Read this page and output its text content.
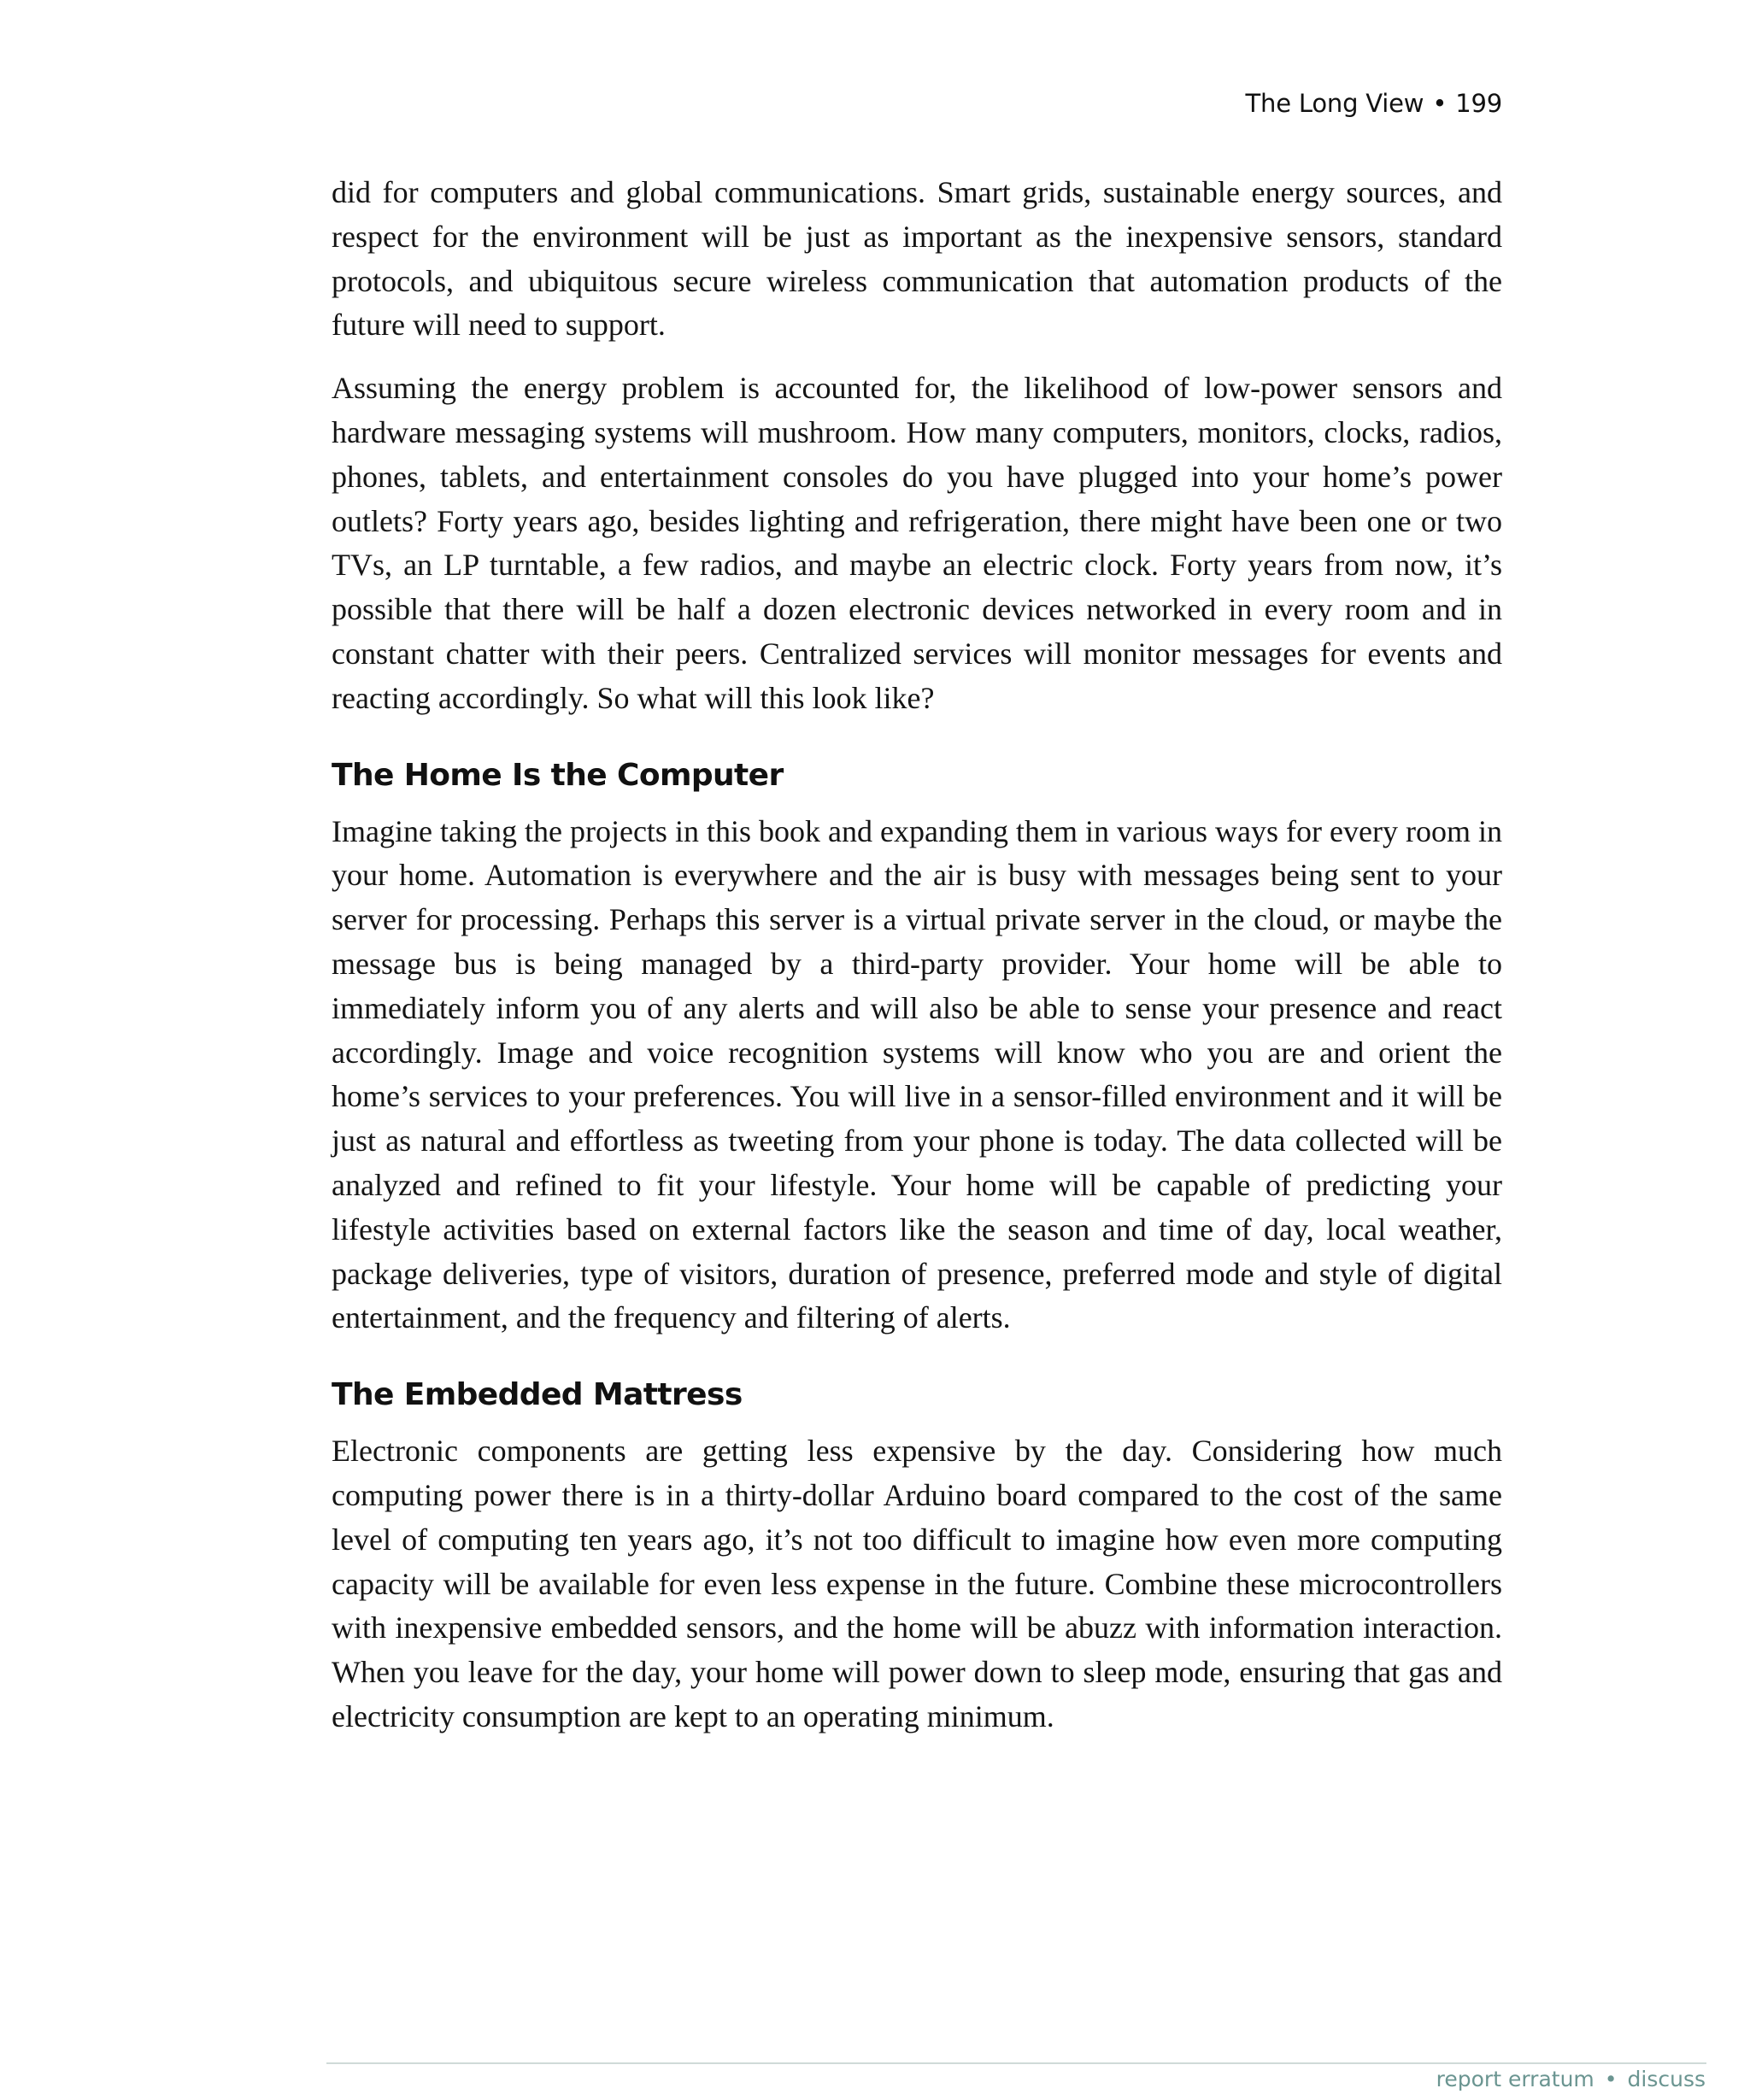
The Long View • 199

did for computers and global communications. Smart grids, sustainable energy sources, and respect for the environment will be just as important as the inexpensive sensors, standard protocols, and ubiquitous secure wireless communication that automation products of the future will need to support.

Assuming the energy problem is accounted for, the likelihood of low-power sensors and hardware messaging systems will mushroom. How many computers, monitors, clocks, radios, phones, tablets, and entertainment consoles do you have plugged into your home’s power outlets? Forty years ago, besides lighting and refrigeration, there might have been one or two TVs, an LP turntable, a few radios, and maybe an electric clock. Forty years from now, it’s possible that there will be half a dozen electronic devices networked in every room and in constant chatter with their peers. Centralized services will monitor messages for events and reacting accordingly. So what will this look like?

The Home Is the Computer

Imagine taking the projects in this book and expanding them in various ways for every room in your home. Automation is everywhere and the air is busy with messages being sent to your server for processing. Perhaps this server is a virtual private server in the cloud, or maybe the message bus is being managed by a third-party provider. Your home will be able to immediately inform you of any alerts and will also be able to sense your presence and react accordingly. Image and voice recognition systems will know who you are and orient the home’s services to your preferences. You will live in a sensor-filled environment and it will be just as natural and effortless as tweeting from your phone is today. The data collected will be analyzed and refined to fit your lifestyle. Your home will be capable of predicting your lifestyle activities based on external factors like the season and time of day, local weather, package deliveries, type of visitors, duration of presence, preferred mode and style of digital entertainment, and the frequency and filtering of alerts.

The Embedded Mattress

Electronic components are getting less expensive by the day. Considering how much computing power there is in a thirty-dollar Arduino board compared to the cost of the same level of computing ten years ago, it’s not too difficult to imagine how even more computing capacity will be available for even less expense in the future. Combine these microcontrollers with inexpensive embedded sensors, and the home will be abuzz with information interaction. When you leave for the day, your home will power down to sleep mode, ensuring that gas and electricity consumption are kept to an operating minimum.

report erratum • discuss
